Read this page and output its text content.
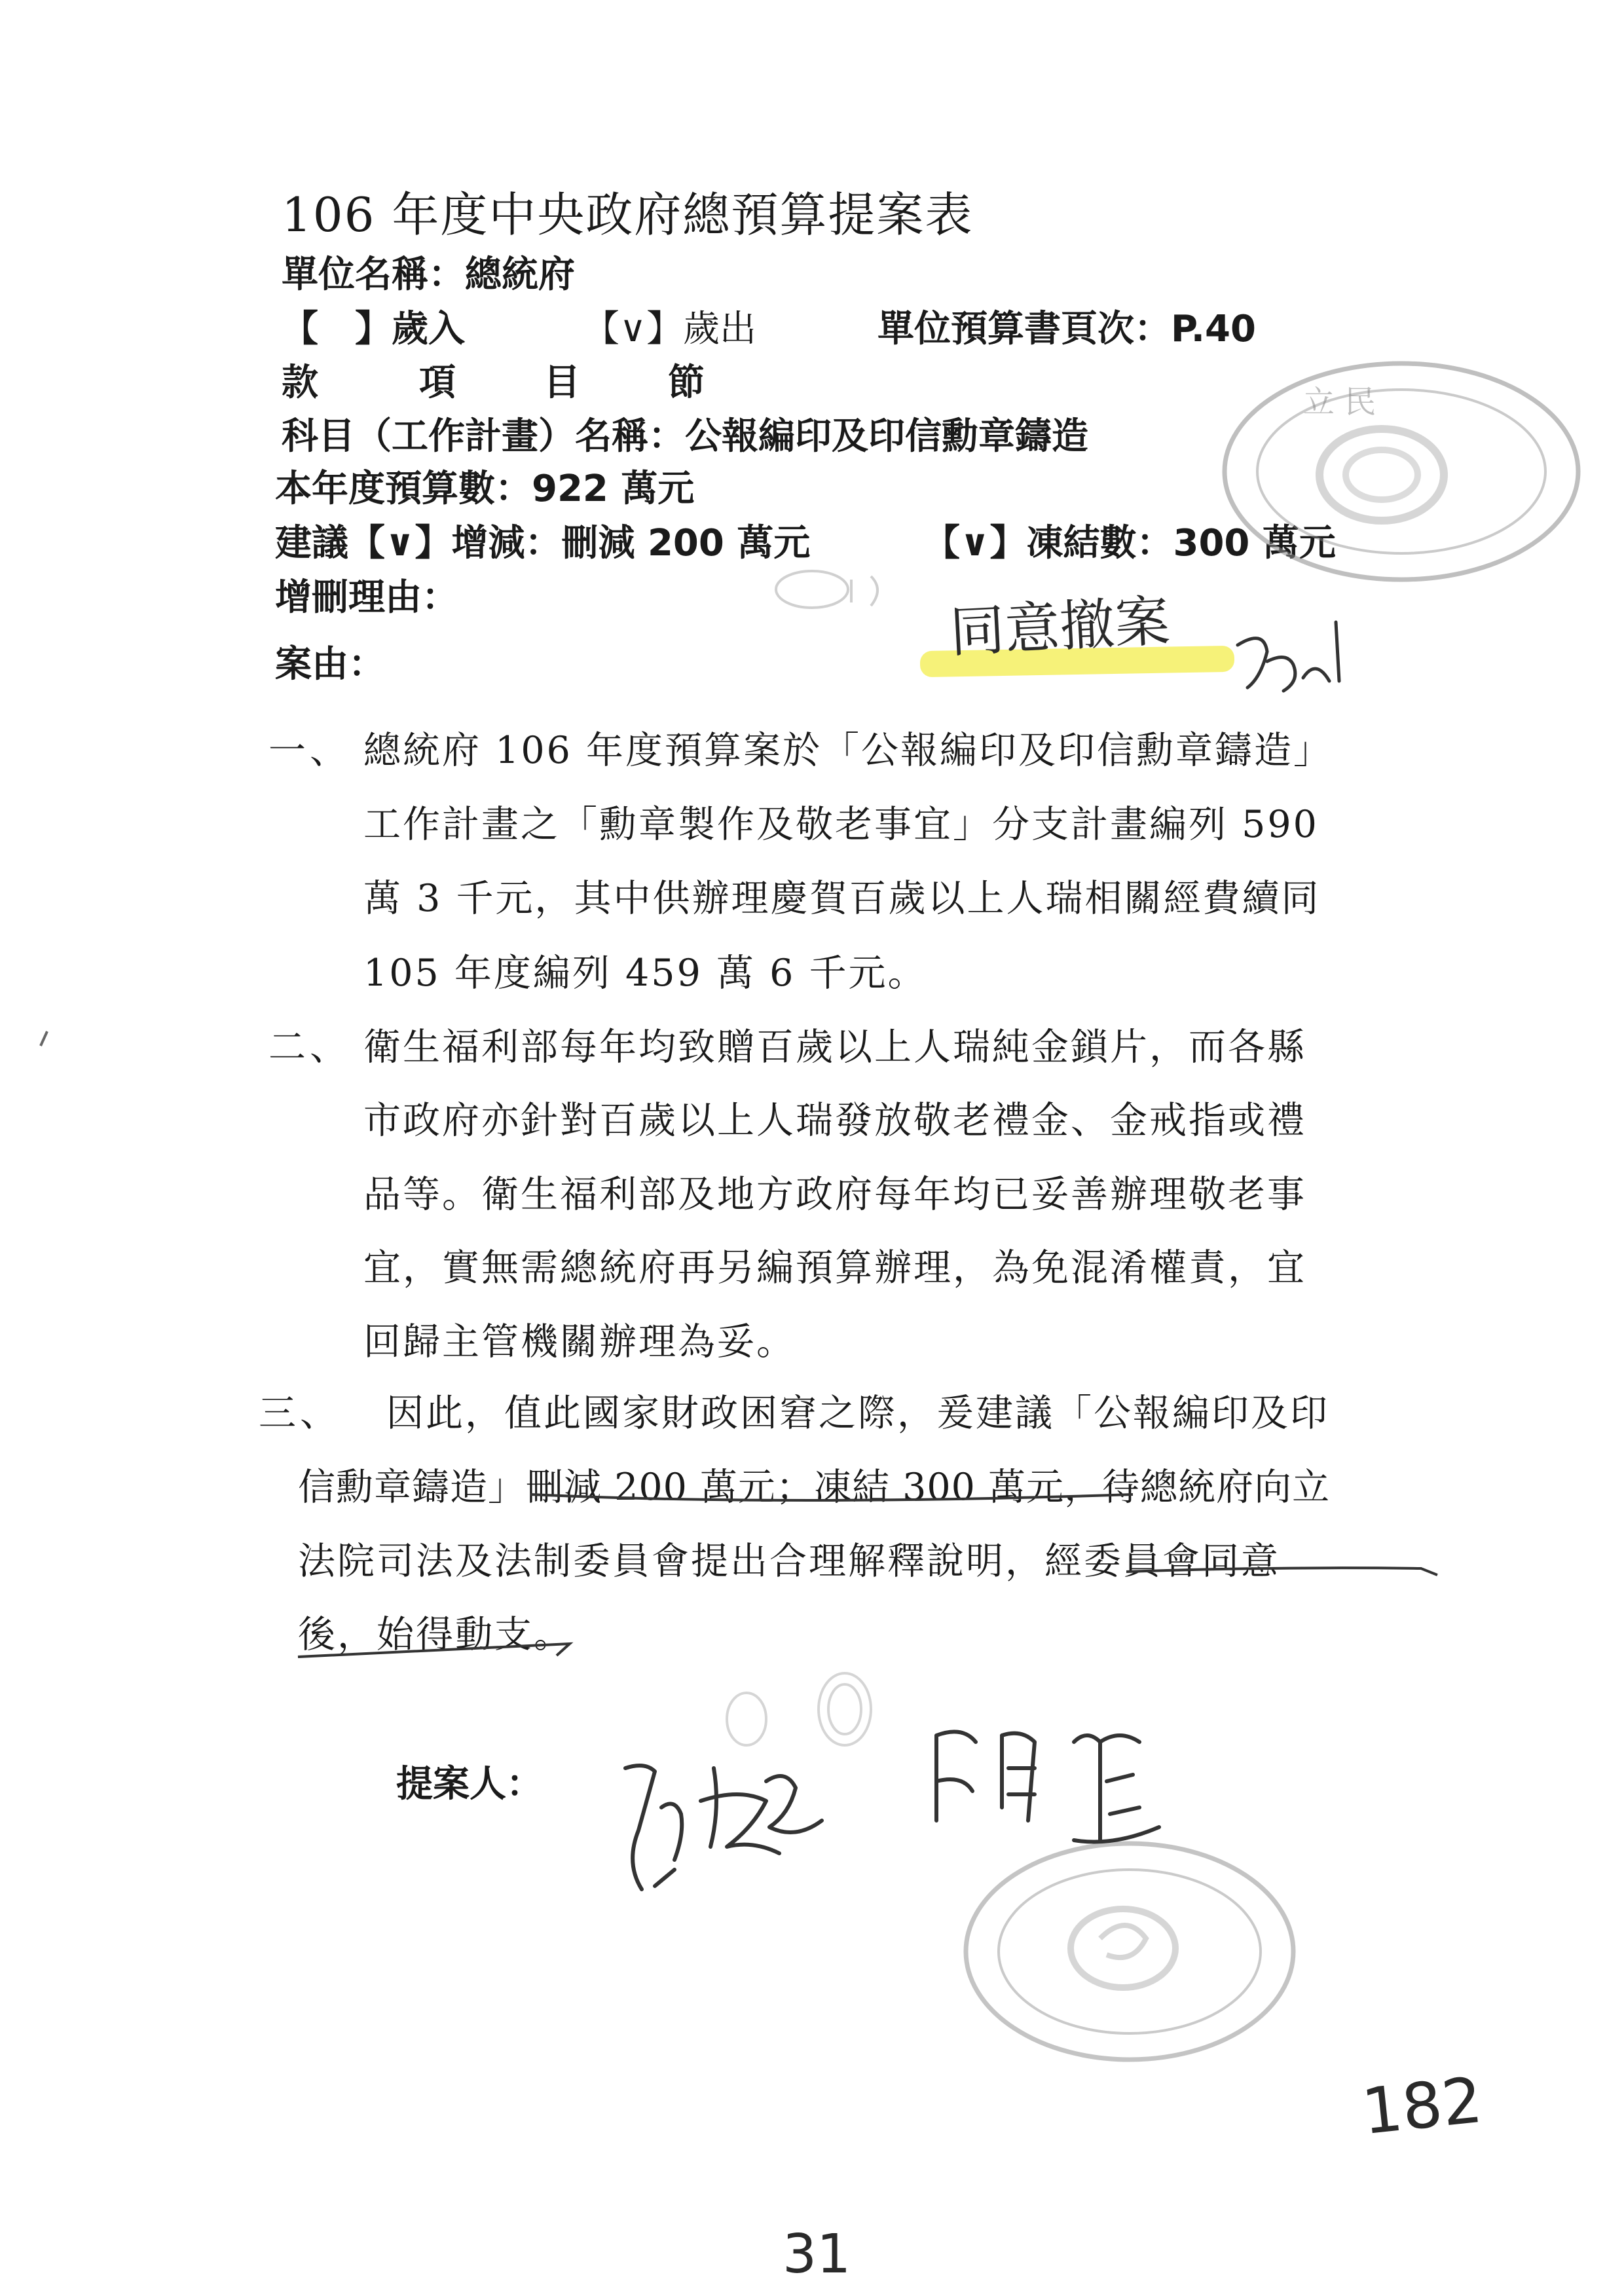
106 年度中央政府總預算提案表
單位名稱：總統府
【　】歲入	【∨】歲出	單位預算書頁次：P.40
款	項 目 節
科目（工作計畫）名稱：公報編印及印信勳章鑄造
本年度預算數：922 萬元
建議【∨】增減：刪減 200 萬元	【∨】凍結數：300 萬元
增刪理由：
案由：	同意撤案
一、 總統府 106 年度預算案於「公報編印及印信勳章鑄造」
工作計畫之「勳章製作及敬老事宜」分支計畫編列 590
萬 3 千元，其中供辦理慶賀百歲以上人瑞相關經費續同
105 年度編列 459 萬 6 千元。
二、 衛生福利部每年均致贈百歲以上人瑞純金鎖片，而各縣
市政府亦針對百歲以上人瑞發放敬老禮金、金戒指或禮
品等。衛生福利部及地方政府每年均已妥善辦理敬老事
宜，實無需總統府再另編預算辦理，為免混淆權責，宜
回歸主管機關辦理為妥。
三、 因此，值此國家財政困窘之際，爰建議「公報編印及印
信勳章鑄造」刪減 200 萬元；凍結 300 萬元，待總統府向立
法院司法及法制委員會提出合理解釋說明，經委員會同意
後，始得動支。
提案人：
182
31
立 民
